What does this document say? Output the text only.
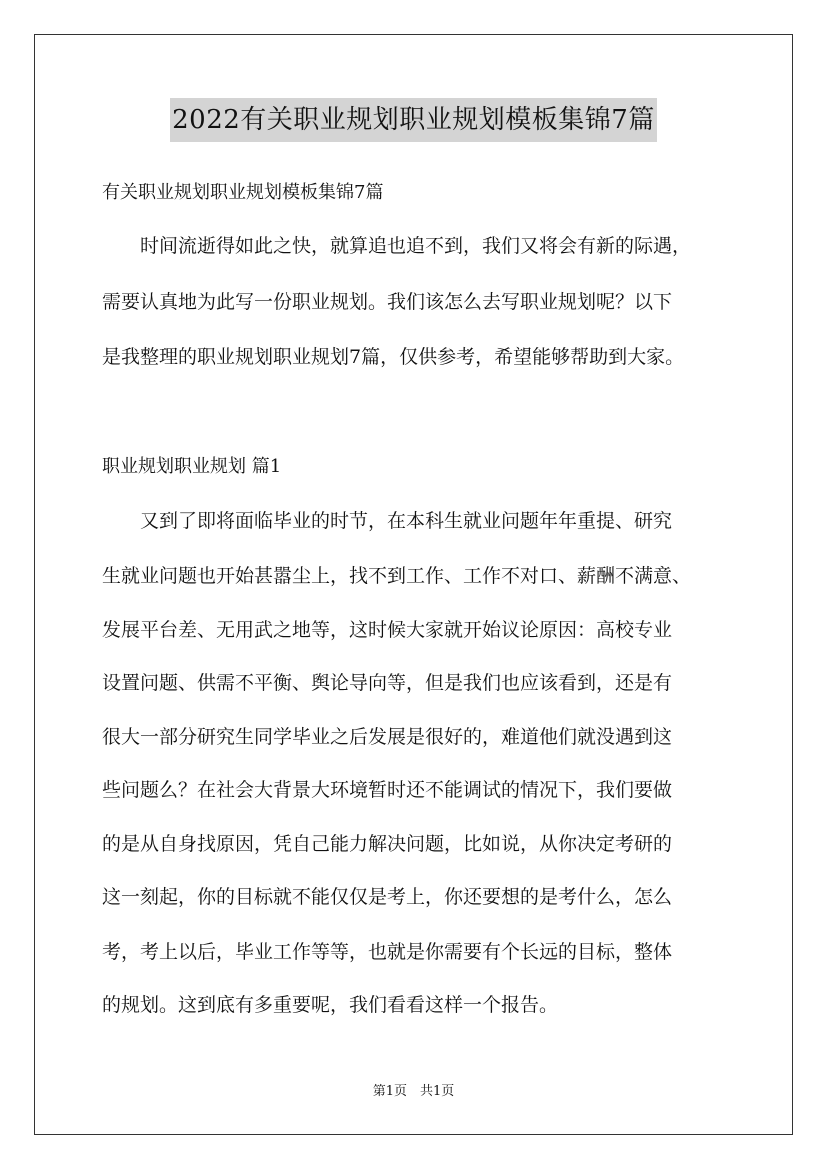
2022有关职业规划职业规划模板集锦7篇
有关职业规划职业规划模板集锦7篇
　　时间流逝得如此之快，就算追也追不到，我们又将会有新的际遇，
需要认真地为此写一份职业规划。我们该怎么去写职业规划呢？以下
是我整理的职业规划职业规划7篇，仅供参考，希望能够帮助到大家。
职业规划职业规划 篇1
　　又到了即将面临毕业的时节，在本科生就业问题年年重提、研究
生就业问题也开始甚嚣尘上，找不到工作、工作不对口、薪酬不满意、
发展平台差、无用武之地等，这时候大家就开始议论原因：高校专业
设置问题、供需不平衡、舆论导向等，但是我们也应该看到，还是有
很大一部分研究生同学毕业之后发展是很好的，难道他们就没遇到这
些问题么？在社会大背景大环境暂时还不能调试的情况下，我们要做
的是从自身找原因，凭自己能力解决问题，比如说，从你决定考研的
这一刻起，你的目标就不能仅仅是考上，你还要想的是考什么，怎么
考，考上以后，毕业工作等等，也就是你需要有个长远的目标，整体
的规划。这到底有多重要呢，我们看看这样一个报告。
第1页　共1页
